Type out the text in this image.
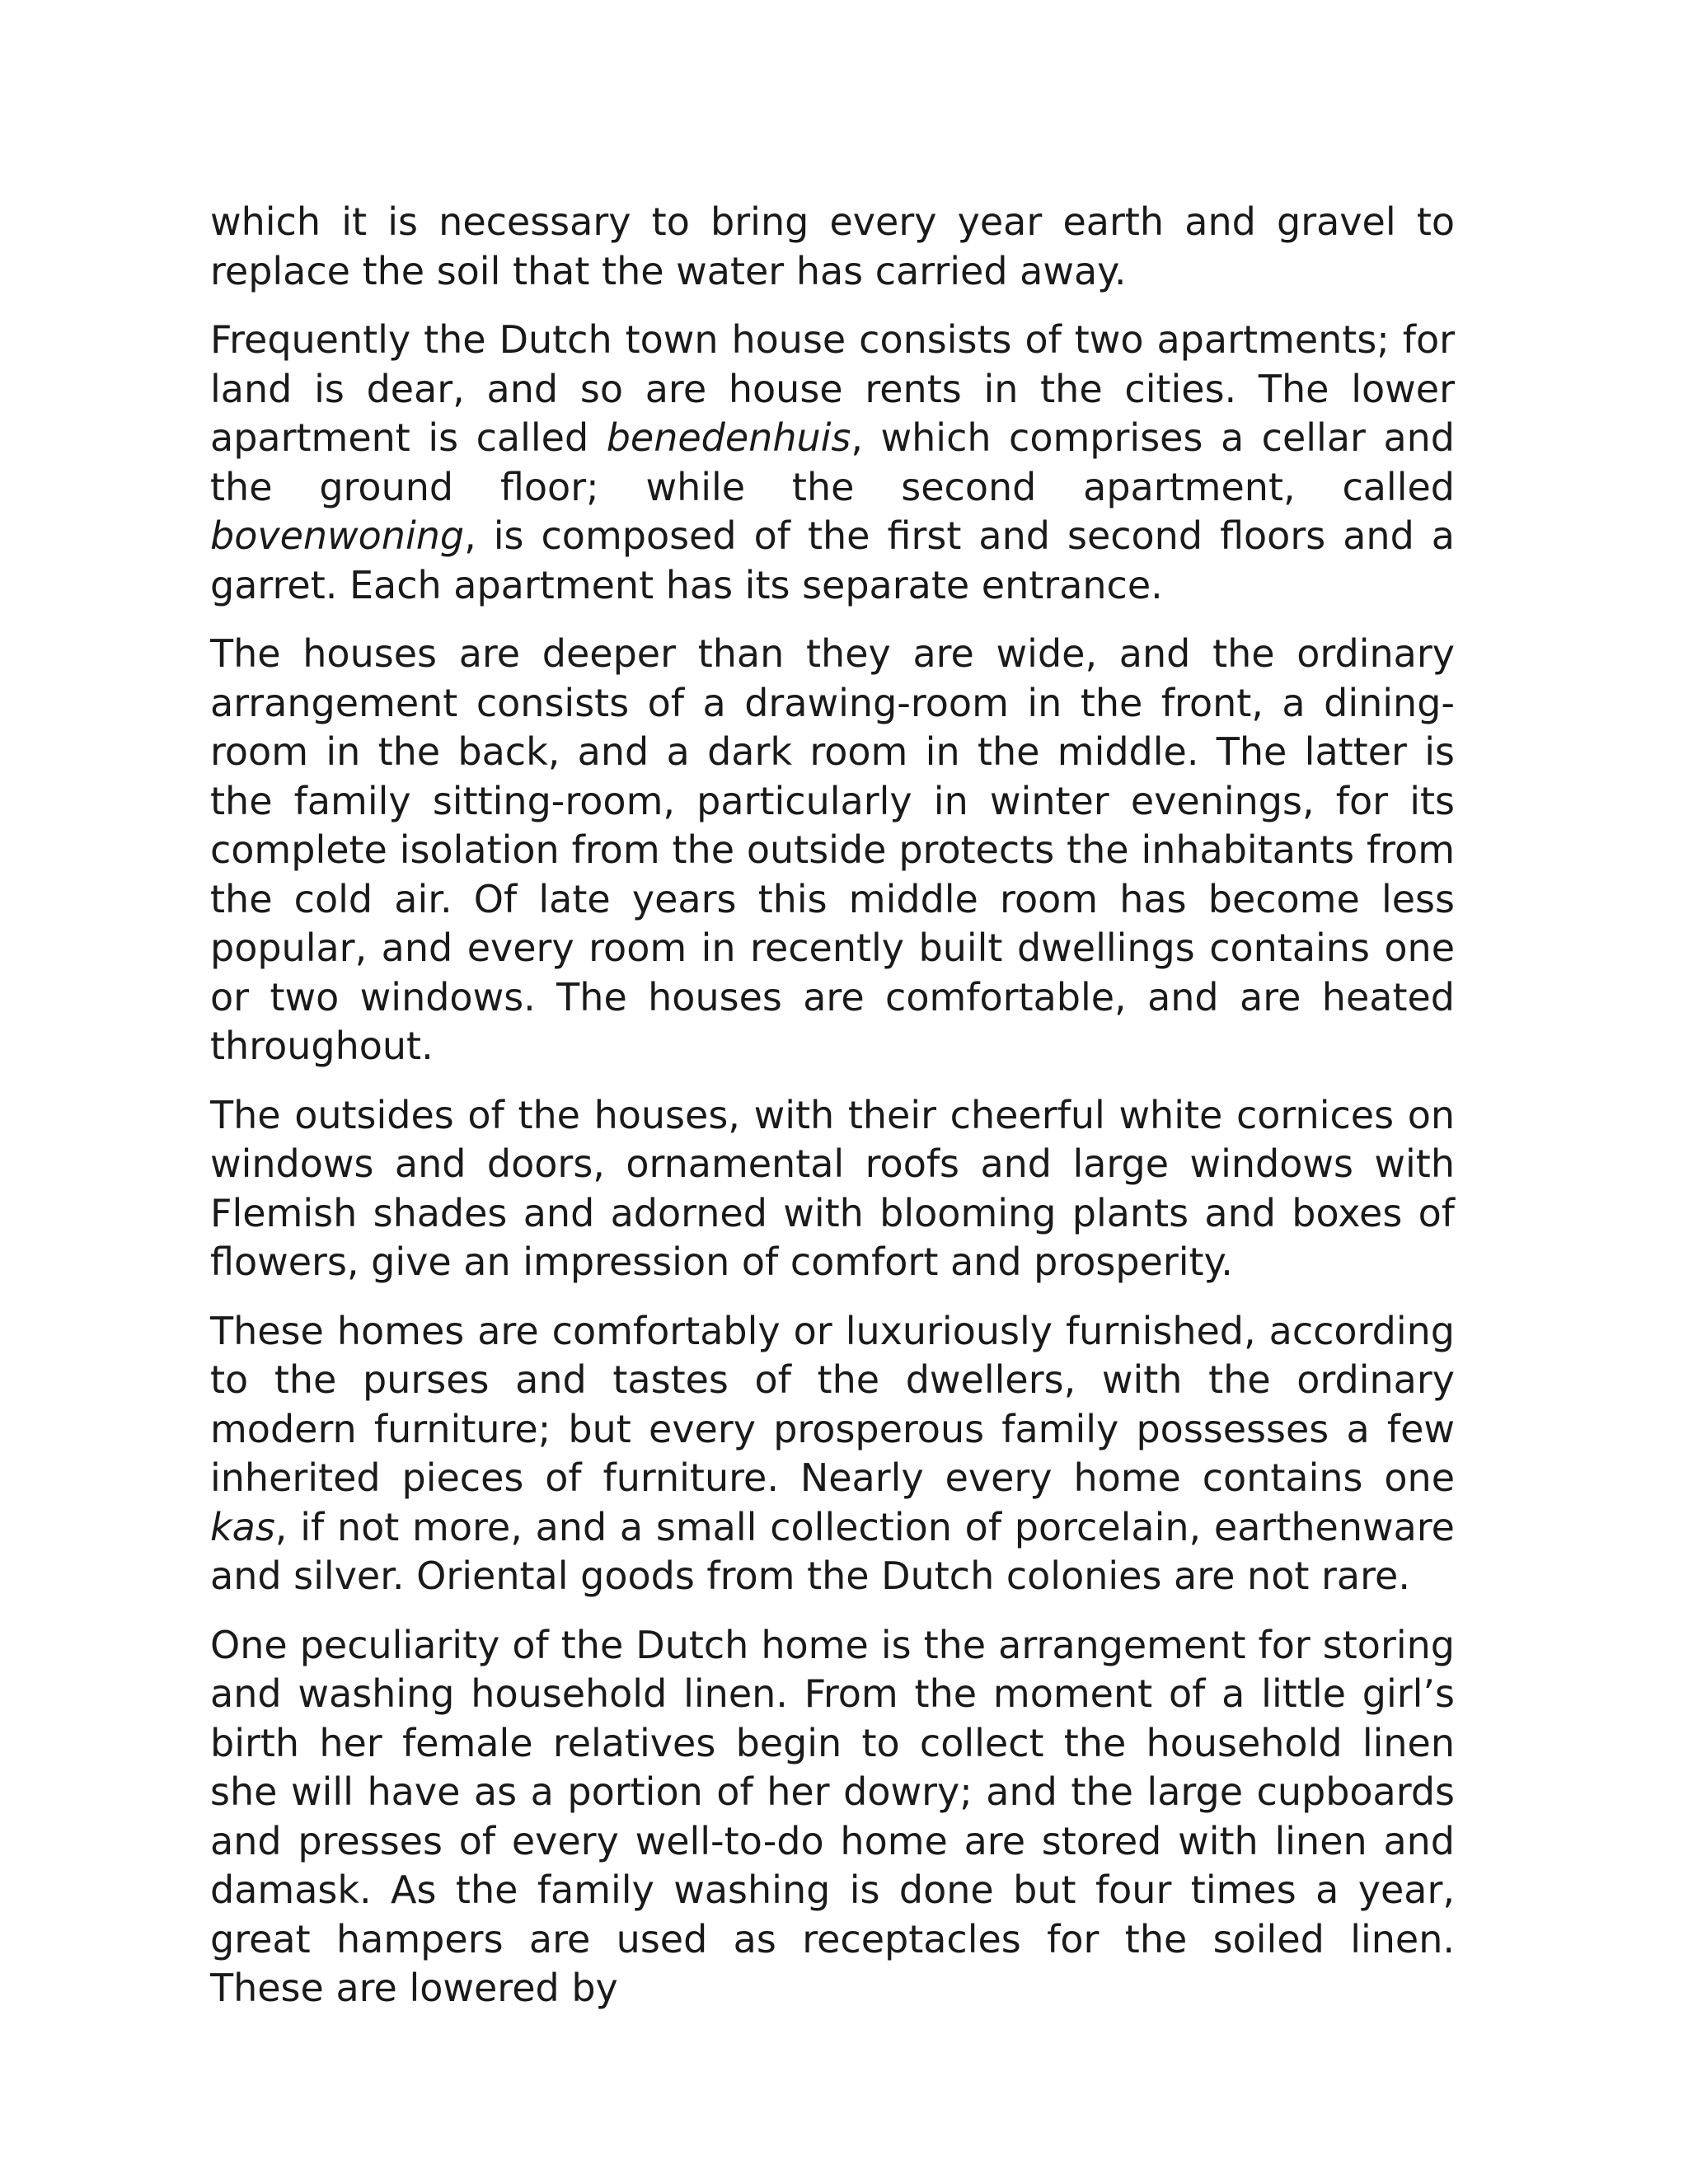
which it is necessary to bring every year earth and gravel to replace the soil that the water has carried away.

Frequently the Dutch town house consists of two apartments; for land is dear, and so are house rents in the cities. The lower apartment is called benedenhuis, which comprises a cellar and the ground floor; while the second apartment, called bovenwoning, is composed of the first and second floors and a garret. Each apartment has its separate entrance.

The houses are deeper than they are wide, and the ordinary arrangement consists of a drawing-room in the front, a dining-room in the back, and a dark room in the middle. The latter is the family sitting-room, particularly in winter evenings, for its complete isolation from the outside protects the inhabitants from the cold air. Of late years this middle room has become less popular, and every room in recently built dwellings contains one or two windows. The houses are comfortable, and are heated throughout.

The outsides of the houses, with their cheerful white cornices on windows and doors, ornamental roofs and large windows with Flemish shades and adorned with blooming plants and boxes of flowers, give an impression of comfort and prosperity.

These homes are comfortably or luxuriously furnished, according to the purses and tastes of the dwellers, with the ordinary modern furniture; but every prosperous family possesses a few inherited pieces of furniture. Nearly every home contains one kas, if not more, and a small collection of porcelain, earthenware and silver. Oriental goods from the Dutch colonies are not rare.

One peculiarity of the Dutch home is the arrangement for storing and washing household linen. From the moment of a little girl’s birth her female relatives begin to collect the household linen she will have as a portion of her dowry; and the large cupboards and presses of every well-to-do home are stored with linen and damask. As the family washing is done but four times a year, great hampers are used as receptacles for the soiled linen. These are lowered by
